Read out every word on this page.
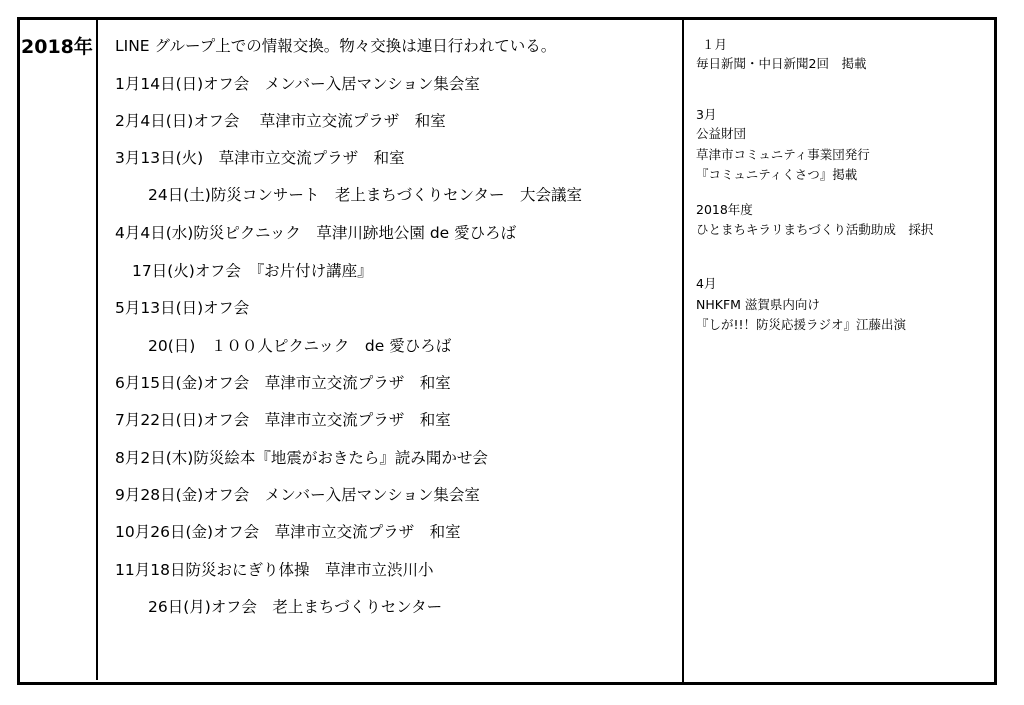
2018年 LINE グループ上での情報交換。物々交換は連日行われている。
1月14日(日)オフ会　メンバー入居マンション集会室
2月4日(日)オフ会　 草津市立交流プラザ　和室
3月13日(火)　草津市立交流プラザ　和室
24日(土)防災コンサート　老上まちづくりセンター　大会議室
4月4日(水)防災ピクニック　草津川跡地公園 de 愛ひろば
17日(火)オフ会　『お片付け講座』
5月13日(日)オフ会
20(日)　１００人ピクニック　de 愛ひろば
6月15日(金)オフ会　草津市立交流プラザ　和室
7月22日(日)オフ会　草津市立交流プラザ　和室
8月2日(木)防災絵本『地震がおきたら』読み聞かせ会
9月28日(金)オフ会　メンバー入居マンション集会室
10月26日(金)オフ会　草津市立交流プラザ　和室
11月18日防災おにぎり体操　草津市立渋川小
26日(月)オフ会　老上まちづくりセンター
１月
毎日新聞・中日新聞2回　掲載
3月
公益財団
草津市コミュニティ事業団発行
『コミュニティくさつ』掲載
2018年度
ひとまちキラリまちづくり活動助成　採択
4月
NHKFM 滋賀県内向け
『しが!!！防災応援ラジオ』江藤出演
